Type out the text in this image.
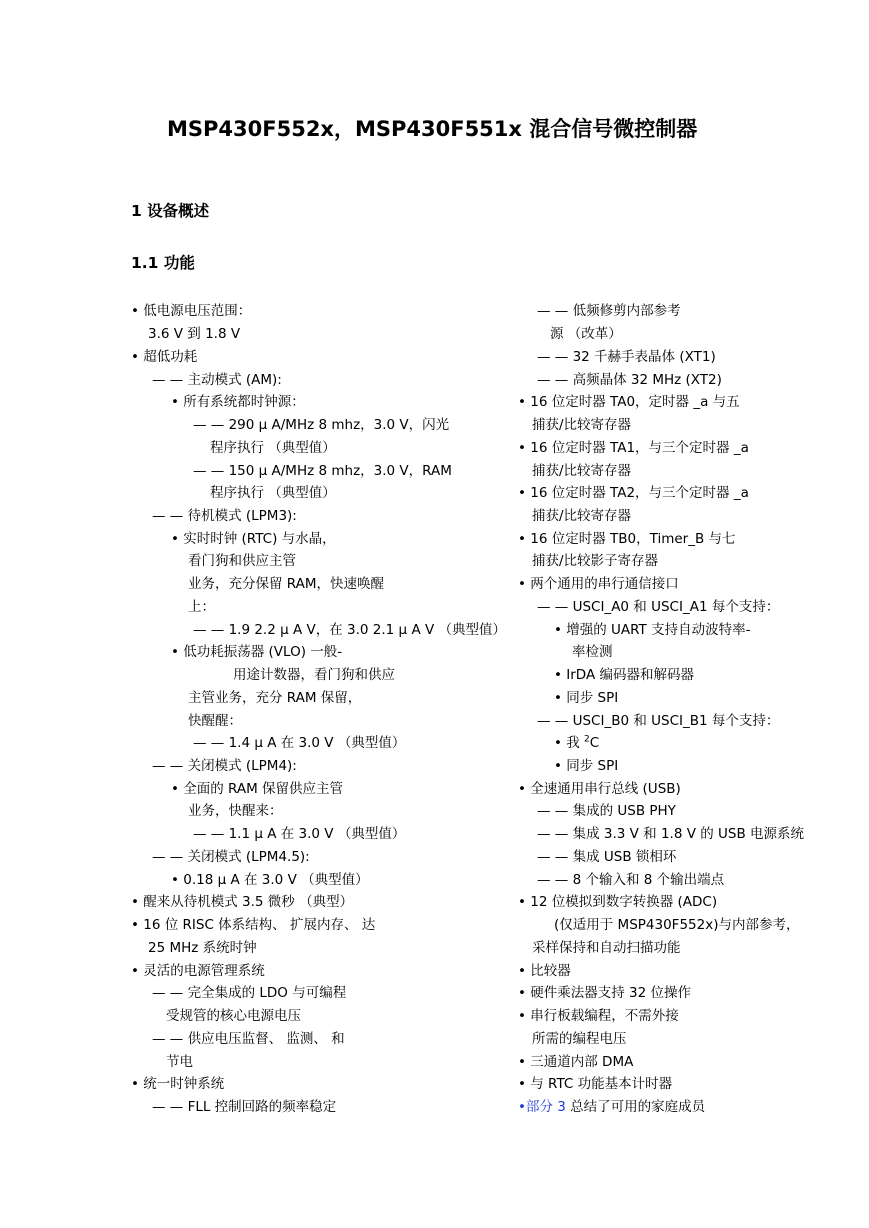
MSP430F552x，MSP430F551x 混合信号微控制器
1 设备概述
1.1 功能
• 低电源电压范围：
3.6 V 到 1.8 V
• 超低功耗
— — 主动模式 (AM):
• 所有系统都时钟源：
— — 290 μ A/MHz 8 mhz，3.0 V，闪光
程序执行 （典型值）
— — 150 μ A/MHz 8 mhz，3.0 V，RAM
程序执行 （典型值）
— — 待机模式 (LPM3):
• 实时时钟 (RTC) 与水晶，
看门狗和供应主管
业务，充分保留 RAM，快速唤醒
上：
— — 1.9 2.2 μ A V，在 3.0 2.1 μ A V （典型值）
• 低功耗振荡器 (VLO) 一般-
用途计数器，看门狗和供应
主管业务，充分 RAM 保留，
快醒醒：
— — 1.4 μ A 在 3.0 V （典型值）
— — 关闭模式 (LPM4):
• 全面的 RAM 保留供应主管
业务，快醒来：
— — 1.1 μ A 在 3.0 V （典型值）
— — 关闭模式 (LPM4.5):
• 0.18 μ A 在 3.0 V （典型值）
• 醒来从待机模式 3.5 微秒 （典型）
• 16 位 RISC 体系结构、 扩展内存、 达
25 MHz 系统时钟
• 灵活的电源管理系统
— — 完全集成的 LDO 与可编程
受规管的核心电源电压
— — 供应电压监督、 监测、 和
节电
• 统一时钟系统
— — FLL 控制回路的频率稳定
— — 低频修剪内部参考
源 （改革）
— — 32 千赫手表晶体 (XT1)
— — 高频晶体 32 MHz (XT2)
• 16 位定时器 TA0，定时器 _a 与五
捕获/比较寄存器
• 16 位定时器 TA1，与三个定时器 _a
捕获/比较寄存器
• 16 位定时器 TA2，与三个定时器 _a
捕获/比较寄存器
• 16 位定时器 TB0，Timer_B 与七
捕获/比较影子寄存器
• 两个通用的串行通信接口
— — USCI_A0 和 USCI_A1 每个支持：
• 增强的 UART 支持自动波特率-
率检测
• IrDA 编码器和解码器
• 同步 SPI
— — USCI_B0 和 USCI_B1 每个支持：
• 我 $^2$C
• 同步 SPI
• 全速通用串行总线 (USB)
— — 集成的 USB PHY
— — 集成 3.3 V 和 1.8 V 的 USB 电源系统
— — 集成 USB 锁相环
— — 8 个输入和 8 个输出端点
• 12 位模拟到数字转换器 (ADC)
(仅适用于 MSP430F552x)与内部参考，
采样保持和自动扫描功能
• 比较器
• 硬件乘法器支持 32 位操作
• 串行板载编程，不需外接
所需的编程电压
• 三通道内部 DMA
• 与 RTC 功能基本计时器
•部分 3 总结了可用的家庭成员
